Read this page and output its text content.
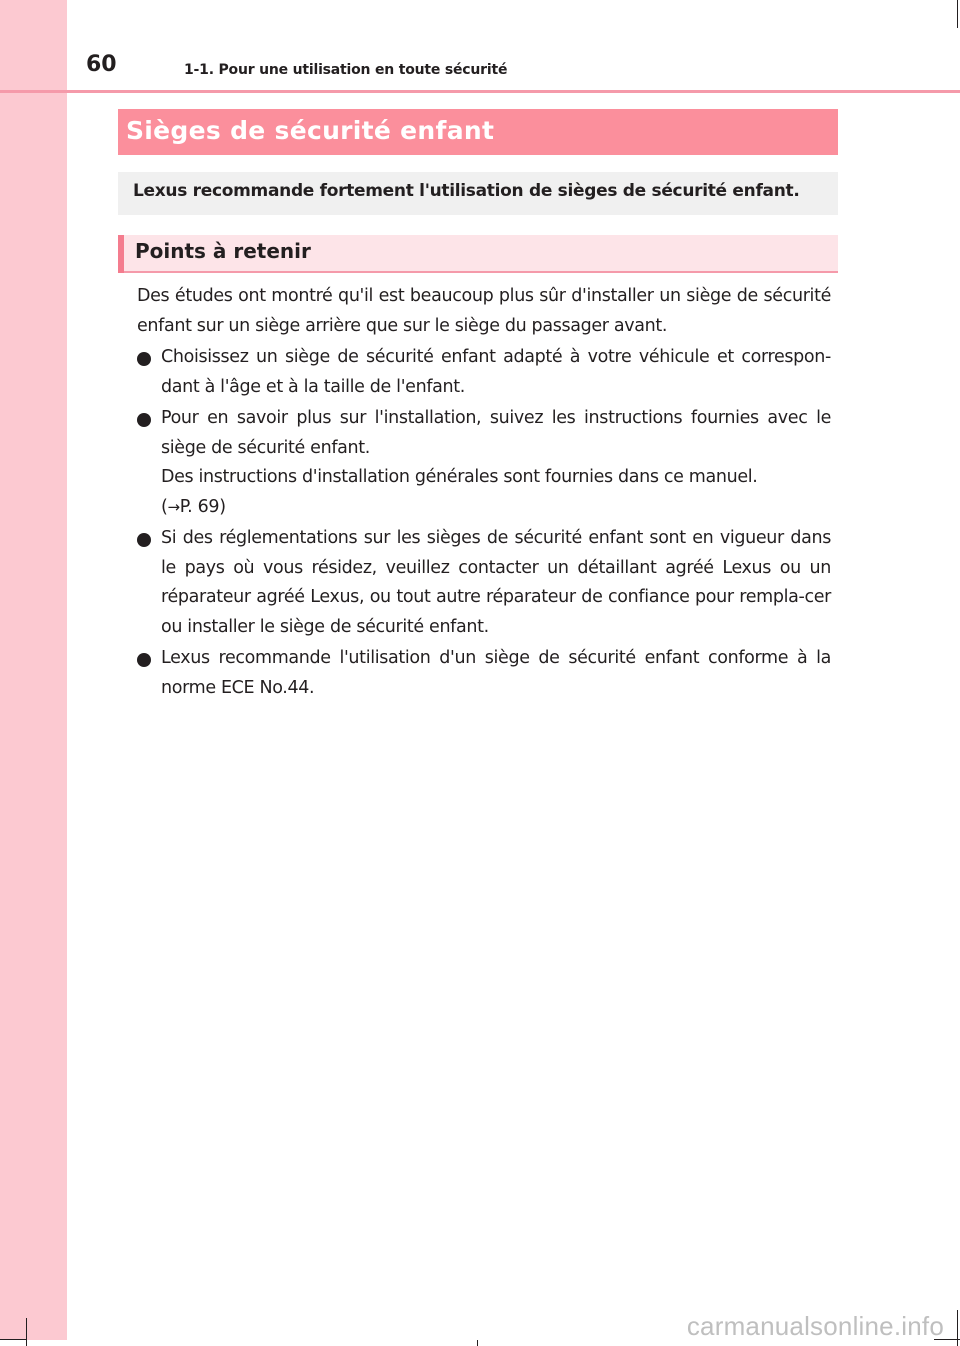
60	1-1. Pour une utilisation en toute sécurité
Sièges de sécurité enfant
Lexus recommande fortement l'utilisation de sièges de sécurité enfant.
Points à retenir

Des études ont montré qu'il est beaucoup plus sûr d'installer un siège de sécurité enfant sur un siège arrière que sur le siège du passager avant.

Choisissez un siège de sécurité enfant adapté à votre véhicule et correspon-dant à l'âge et à la taille de l'enfant.
Pour en savoir plus sur l'installation, suivez les instructions fournies avec le siège de sécurité enfant.
Des instructions d'installation générales sont fournies dans ce manuel.
(→P. 69)
Si des réglementations sur les sièges de sécurité enfant sont en vigueur dans le pays où vous résidez, veuillez contacter un détaillant agréé Lexus ou un réparateur agréé Lexus, ou tout autre réparateur de confiance pour rempla-cer ou installer le siège de sécurité enfant.
Lexus recommande l'utilisation d'un siège de sécurité enfant conforme à la norme ECE No.44.
carmanualsonline.info
